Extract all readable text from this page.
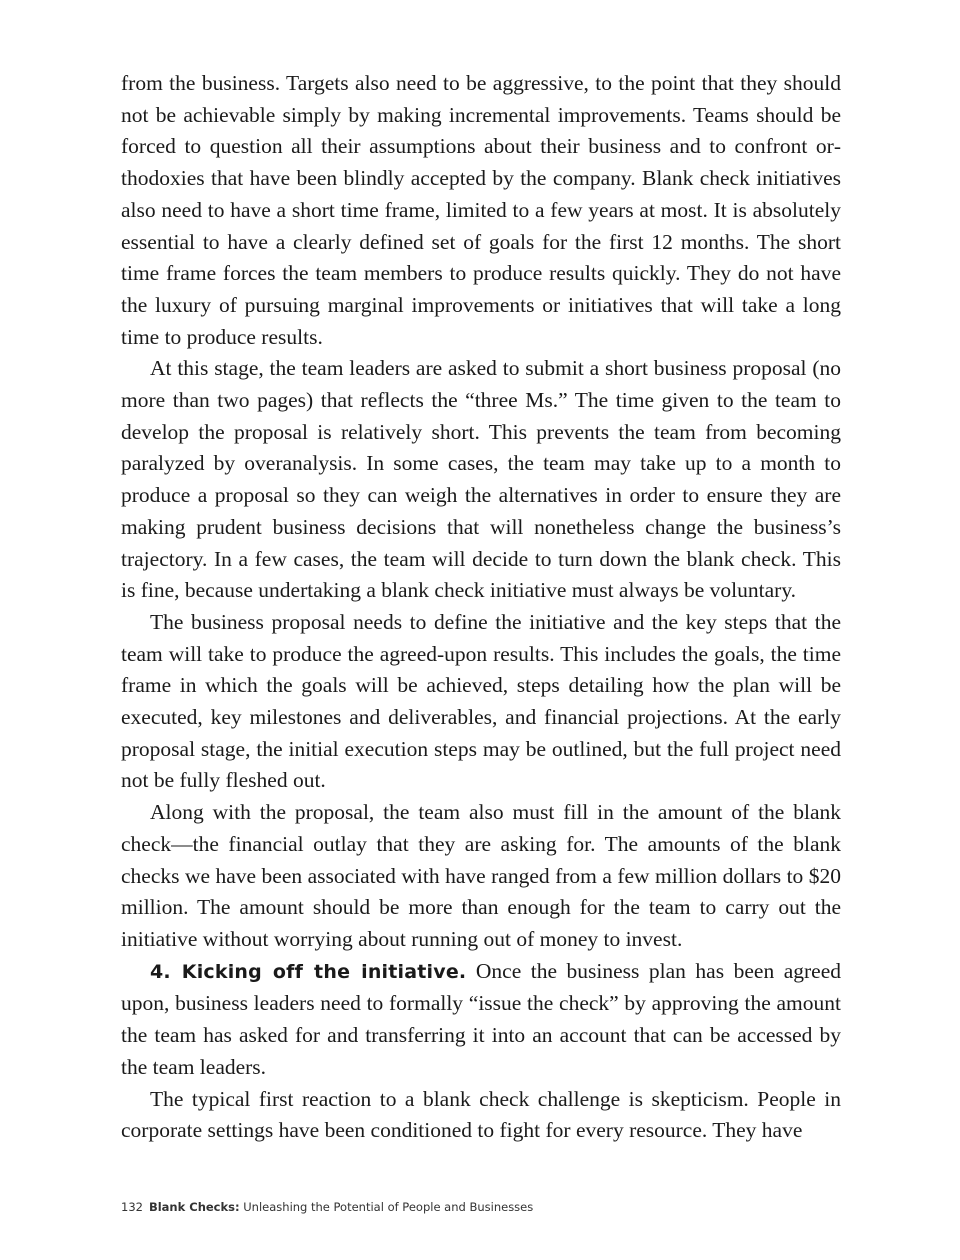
from the business. Targets also need to be aggressive, to the point that they should not be achievable simply by making incremental improvements. Teams should be forced to question all their assumptions about their business and to confront orthodoxies that have been blindly accepted by the company. Blank check initiatives also need to have a short time frame, limited to a few years at most. It is absolutely essential to have a clearly defined set of goals for the first 12 months. The short time frame forces the team members to produce results quickly. They do not have the luxury of pursuing marginal improvements or initiatives that will take a long time to produce results.

At this stage, the team leaders are asked to submit a short business proposal (no more than two pages) that reflects the “three Ms.” The time given to the team to develop the proposal is relatively short. This prevents the team from becoming paralyzed by overanalysis. In some cases, the team may take up to a month to produce a proposal so they can weigh the alternatives in order to ensure they are making prudent business decisions that will nonetheless change the business’s trajectory. In a few cases, the team will decide to turn down the blank check. This is fine, because undertaking a blank check initiative must always be voluntary.

The business proposal needs to define the initiative and the key steps that the team will take to produce the agreed-upon results. This includes the goals, the time frame in which the goals will be achieved, steps detailing how the plan will be executed, key milestones and deliverables, and financial projections. At the early proposal stage, the initial execution steps may be outlined, but the full project need not be fully fleshed out.

Along with the proposal, the team also must fill in the amount of the blank check—the financial outlay that they are asking for. The amounts of the blank checks we have been associated with have ranged from a few million dollars to $20 million. The amount should be more than enough for the team to carry out the initiative without worrying about running out of money to invest.

4. Kicking off the initiative. Once the business plan has been agreed upon, business leaders need to formally “issue the check” by approving the amount the team has asked for and transferring it into an account that can be accessed by the team leaders.

The typical first reaction to a blank check challenge is skepticism. People in corporate settings have been conditioned to fight for every resource. They have

132 Blank Checks: Unleashing the Potential of People and Businesses
